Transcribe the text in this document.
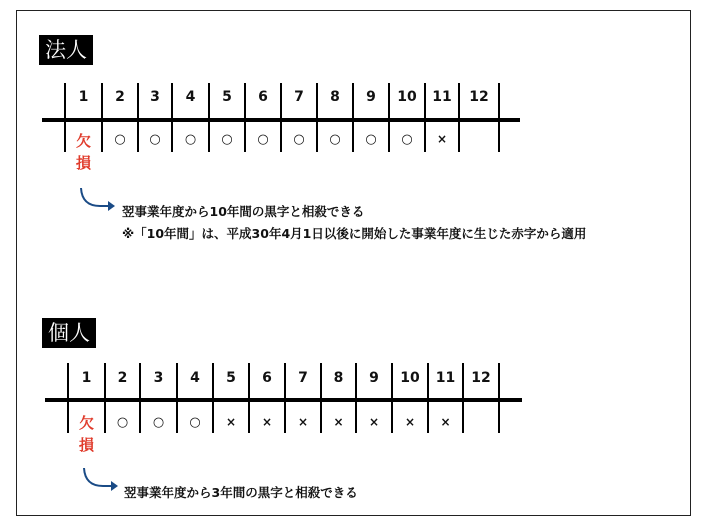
法人
1
欠
損
2
○
3
○
4
○
5
○
6
○
7
○
8
○
9
○
10
○
11
×
12
翌事業年度から10年間の黒字と相殺できる
※「10年間」は、平成30年4月1日以後に開始した事業年度に生じた赤字から適用
個人
1
欠
損
2
○
3
○
4
○
5
×
6
×
7
×
8
×
9
×
10
×
11
×
12
翌事業年度から3年間の黒字と相殺できる
